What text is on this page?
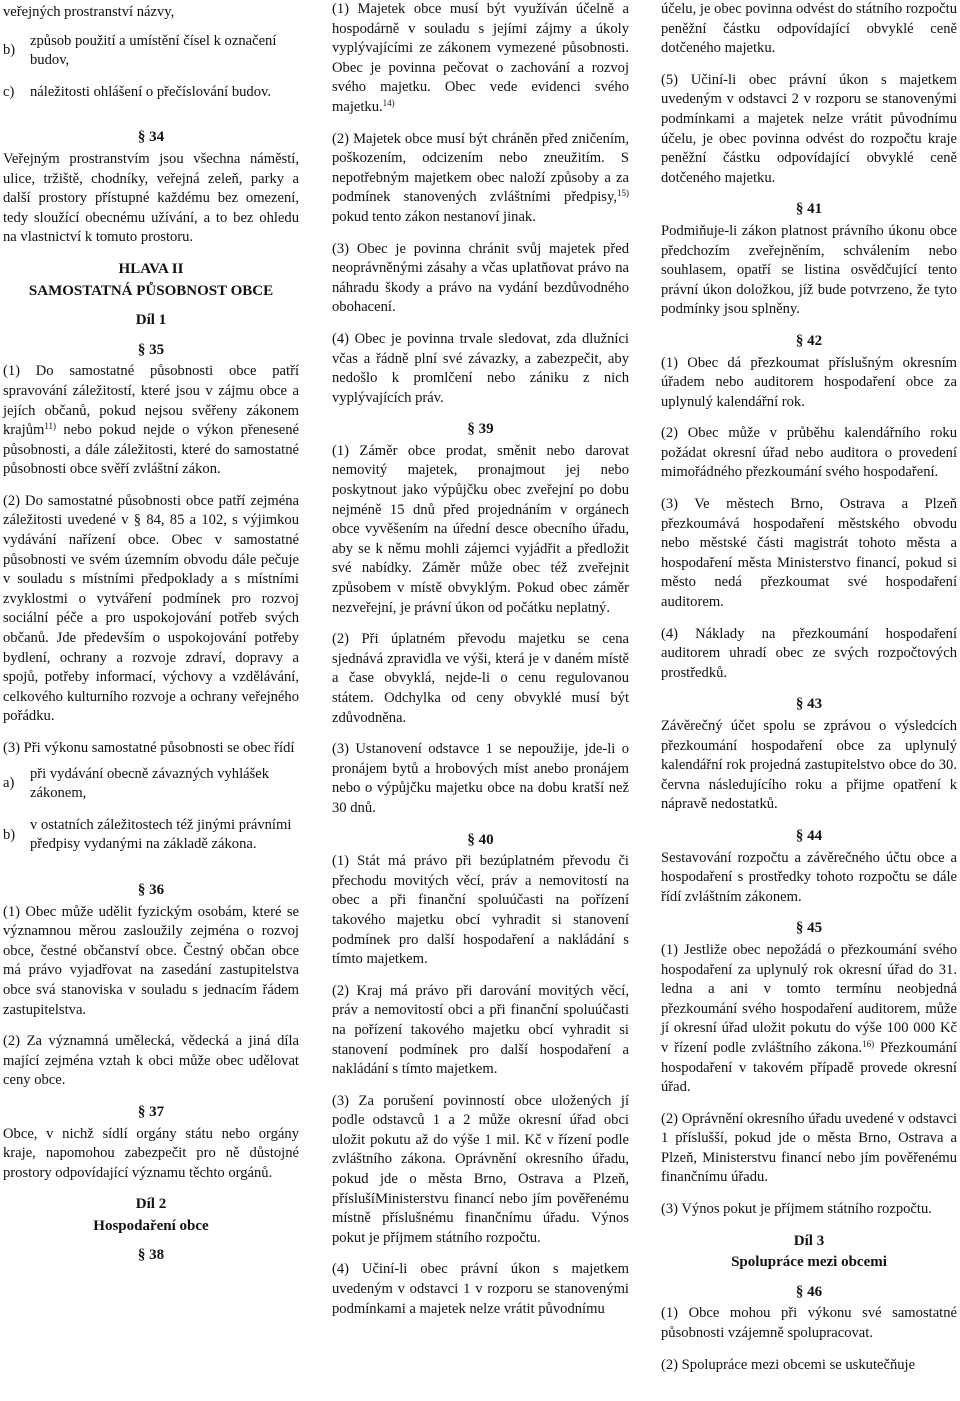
veřejných prostranství názvy,

b)
způsob použití a umístění čísel k označení budov,
c)	náležitosti ohlášení o přečíslování budov.
§ 34

Veřejným prostranstvím jsou všechna náměstí, ulice, tržiště, chodníky, veřejná zeleň, parky a další prostory přístupné každému bez omezení, tedy sloužící obecnému užívání, a to bez ohledu na vlastnictví k tomuto prostoru.

HLAVA II
SAMOSTATNÁ PŮSOBNOST OBCE
Díl 1
§ 35

(1) Do samostatné působnosti obce patří spravování záležitostí, které jsou v zájmu obce a jejích občanů, pokud nejsou svěřeny zákonem krajům$^{11)}$ nebo pokud nejde o výkon přenesené působnosti, a dále záležitosti, které do samostatné působnosti obce svěří zvláštní zákon.

(2) Do samostatné působnosti obce patří zejména záležitosti uvedené v § 84, 85 a 102, s výjimkou vydávání nařízení obce. Obec v samostatné působnosti ve svém územním obvodu dále pečuje v souladu s místními předpoklady a s místními zvyklostmi o vytváření podmínek pro rozvoj sociální péče a pro uspokojování potřeb svých občanů. Jde především o uspokojování potřeby bydlení, ochrany a rozvoje zdraví, dopravy a spojů, potřeby informací, výchovy a vzdělávání, celkového kulturního rozvoje a ochrany veřejného pořádku.

(3) Při výkonu samostatné působnosti se obec řídí

a)
při vydávání obecně závazných vyhlášek zákonem,
b)
v ostatních záležitostech též jinými právními předpisy vydanými na základě zákona.
§ 36

(1) Obec může udělit fyzickým osobám, které se významnou měrou zasloužily zejména o rozvoj obce, čestné občanství obce. Čestný občan obce má právo vyjadřovat na zasedání zastupitelstva obce svá stanoviska v souladu s jednacím řádem zastupitelstva.

(2) Za významná umělecká, vědecká a jiná díla mající zejména vztah k obci může obec udělovat ceny obce.

§ 37

Obce, v nichž sídlí orgány státu nebo orgány kraje, napomohou zabezpečit pro ně důstojné prostory odpovídající významu těchto orgánů.

Díl 2
Hospodaření obce
§ 38

(1) Majetek obce musí být využíván účelně a hospodárně v souladu s jejími zájmy a úkoly vyplývajícími ze zákonem vymezené působnosti. Obec je povinna pečovat o zachování a rozvoj svého majetku. Obec vede evidenci svého majetku.$^{14)}$

(2) Majetek obce musí být chráněn před zničením, poškozením, odcizením nebo zneužitím. S nepotřebným majetkem obec naloží způsoby a za podmínek stanovených zvláštními předpisy,$^{15)}$ pokud tento zákon nestanoví jinak.

(3) Obec je povinna chránit svůj majetek před neoprávněnými zásahy a včas uplatňovat právo na náhradu škody a právo na vydání bezdůvodného obohacení.

(4) Obec je povinna trvale sledovat, zda dlužníci včas a řádně plní své závazky, a zabezpečit, aby nedošlo k promlčení nebo zániku z nich vyplývajících práv.

§ 39

(1) Záměr obce prodat, směnit nebo darovat nemovitý majetek, pronajmout jej nebo poskytnout jako výpůjčku obec zveřejní po dobu nejméně 15 dnů před projednáním v orgánech obce vyvěšením na úřední desce obecního úřadu, aby se k němu mohli zájemci vyjádřit a předložit své nabídky. Záměr může obec též zveřejnit způsobem v místě obvyklým. Pokud obec záměr nezveřejní, je právní úkon od počátku neplatný.

(2) Při úplatném převodu majetku se cena sjednává zpravidla ve výši, která je v daném místě a čase obvyklá, nejde-li o cenu regulovanou státem. Odchylka od ceny obvyklé musí být zdůvodněna.

(3) Ustanovení odstavce 1 se nepoužije, jde-li o pronájem bytů a hrobových míst anebo pronájem nebo o výpůjčku majetku obce na dobu kratší než 30 dnů.

§ 40

(1) Stát má právo při bezúplatném převodu či přechodu movitých věcí, práv a nemovitostí na obec a při finanční spoluúčasti na pořízení takového majetku obcí vyhradit si stanovení podmínek pro další hospodaření a nakládání s tímto majetkem.

(2) Kraj má právo při darování movitých věcí, práv a nemovitostí obci a při finanční spoluúčasti na pořízení takového majetku obcí vyhradit si stanovení podmínek pro další hospodaření a nakládání s tímto majetkem.

(3) Za porušení povinností obce uložených jí podle odstavců 1 a 2 může okresní úřad obci uložit pokutu až do výše 1 mil. Kč v řízení podle zvláštního zákona. Oprávnění okresního úřadu, pokud jde o města Brno, Ostrava a Plzeň, příslušíMinisterstvu financí nebo jím pověřenému místně příslušnému finančnímu úřadu. Výnos pokut je příjmem státního rozpočtu.

(4) Učiní-li obec právní úkon s majetkem uvedeným v odstavci 1 v rozporu se stanovenými podmínkami a majetek nelze vrátit původnímu

účelu, je obec povinna odvést do státního rozpočtu peněžní částku odpovídající obvyklé ceně dotčeného majetku.

(5) Učiní-li obec právní úkon s majetkem uvedeným v odstavci 2 v rozporu se stanovenými podmínkami a majetek nelze vrátit původnímu účelu, je obec povinna odvést do rozpočtu kraje peněžní částku odpovídající obvyklé ceně dotčeného majetku.

§ 41

Podmiňuje-li zákon platnost právního úkonu obce předchozím zveřejněním, schválením nebo souhlasem, opatří se listina osvědčující tento právní úkon doložkou, jíž bude potvrzeno, že tyto podmínky jsou splněny.

§ 42

(1) Obec dá přezkoumat příslušným okresním úřadem nebo auditorem hospodaření obce za uplynulý kalendářní rok.

(2) Obec může v průběhu kalendářního roku požádat okresní úřad nebo auditora o provedení mimořádného přezkoumání svého hospodaření.

(3) Ve městech Brno, Ostrava a Plzeň přezkoumává hospodaření městského obvodu nebo městské části magistrát tohoto města a hospodaření města Ministerstvo financí, pokud si město nedá přezkoumat své hospodaření auditorem.

(4) Náklady na přezkoumání hospodaření auditorem uhradí obec ze svých rozpočtových prostředků.

§ 43

Závěrečný účet spolu se zprávou o výsledcích přezkoumání hospodaření obce za uplynulý kalendářní rok projedná zastupitelstvo obce do 30. června následujícího roku a přijme opatření k nápravě nedostatků.

§ 44

Sestavování rozpočtu a závěrečného účtu obce a hospodaření s prostředky tohoto rozpočtu se dále řídí zvláštním zákonem.

§ 45

(1) Jestliže obec nepožádá o přezkoumání svého hospodaření za uplynulý rok okresní úřad do 31. ledna a ani v tomto termínu neobjedná přezkoumání svého hospodaření auditorem, může jí okresní úřad uložit pokutu do výše 100 000 Kč v řízení podle zvláštního zákona.$^{16)}$ Přezkoumání hospodaření v takovém případě provede okresní úřad.

(2) Oprávnění okresního úřadu uvedené v odstavci 1 příslušší, pokud jde o města Brno, Ostrava a Plzeň, Ministerstvu financí nebo jím pověřenému finančnímu úřadu.

(3) Výnos pokut je příjmem státního rozpočtu.

Díl 3
Spolupráce mezi obcemi
§ 46

(1) Obce mohou při výkonu své samostatné působnosti vzájemně spolupracovat.

(2) Spolupráce mezi obcemi se uskutečňuje
